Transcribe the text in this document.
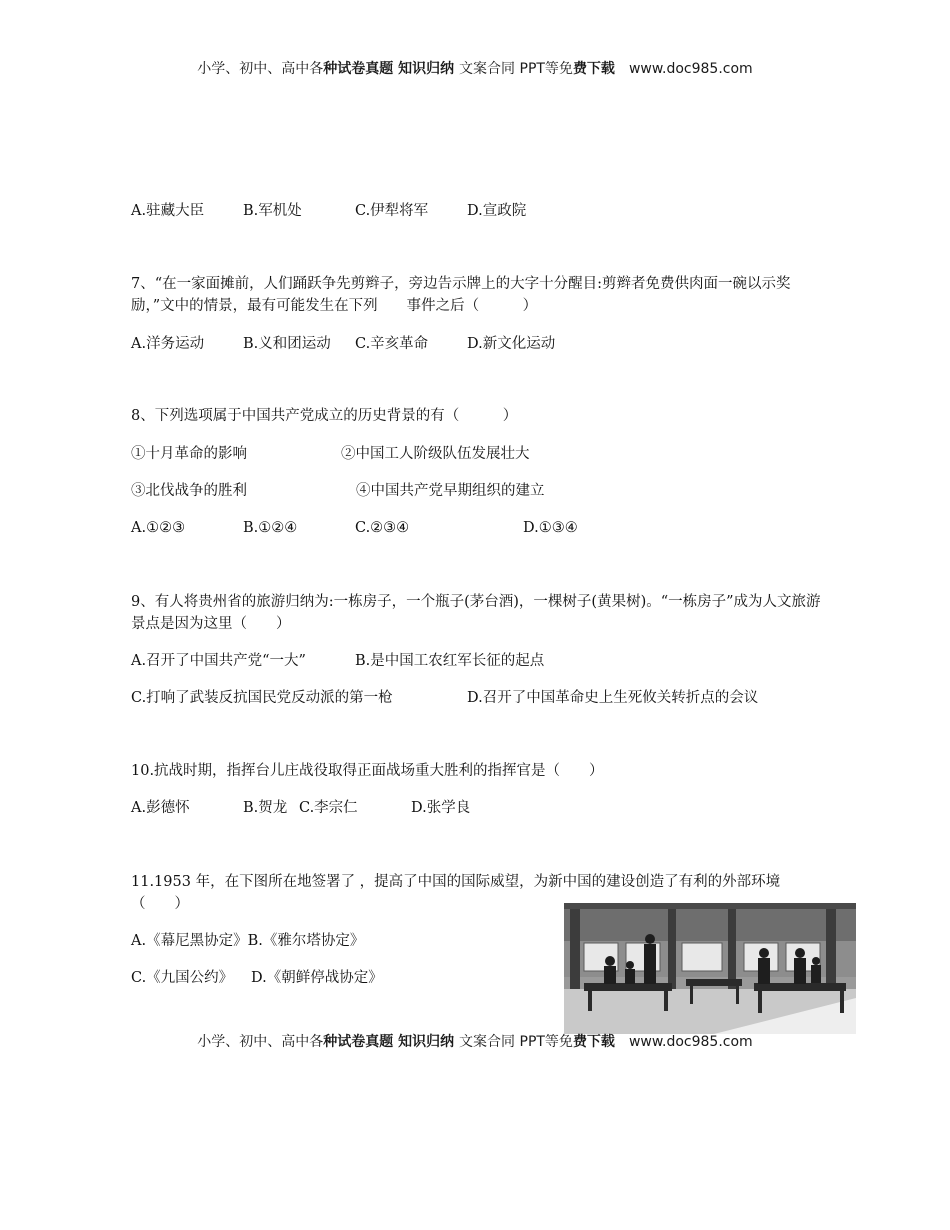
小学、初中、高中各种试卷真题 知识归纳 文案合同 PPT等免费下载 www.doc985.com
A.驻藏大臣	B.军机处	C.伊犁将军	D.宣政院
7、“在一家面摊前，人们踊跃争先剪辫子，旁边告示牌上的大字十分醒目:剪辫者免费供肉面一碗以示奖励，”文中的情景，最有可能发生在下列　　事件之后（　　　）
A.洋务运动	B.义和团运动 C.辛亥革命	D.新文化运动
8、下列选项属于中国共产党成立的历史背景的有（　　　）
①十月革命的影响	②中国工人阶级队伍发展壮大
③北伐战争的胜利	④中国共产党早期组织的建立
A.①②③	B.①②④	C.②③④	D.①③④
9、有人将贵州省的旅游归纳为:一栋房子，一个瓶子(茅台酒)，一棵树子(黄果树)。“一栋房子”成为人文旅游景点是因为这里（　　）
A.召开了中国共产党“一大”	B.是中国工农红军长征的起点
C.打响了武装反抗国民党反动派的第一枪	D.召开了中国革命史上生死攸关转折点的会议
10.抗战时期，指挥台儿庄战役取得正面战场重大胜利的指挥官是（　　）
A.彭德怀	B.贺龙 C.李宗仁	D.张学良
11.1953 年，在下图所在地签署了 ，提高了中国的国际威望，为新中国的建设创造了有利的外部环境（　　）
A.《幕尼黑协定》B.《雅尔塔协定》
C.《九国公约》 D.《朝鲜停战协定》
小学、初中、高中各种试卷真题 知识归纳 文案合同 PPT等免费下载 www.doc985.com
